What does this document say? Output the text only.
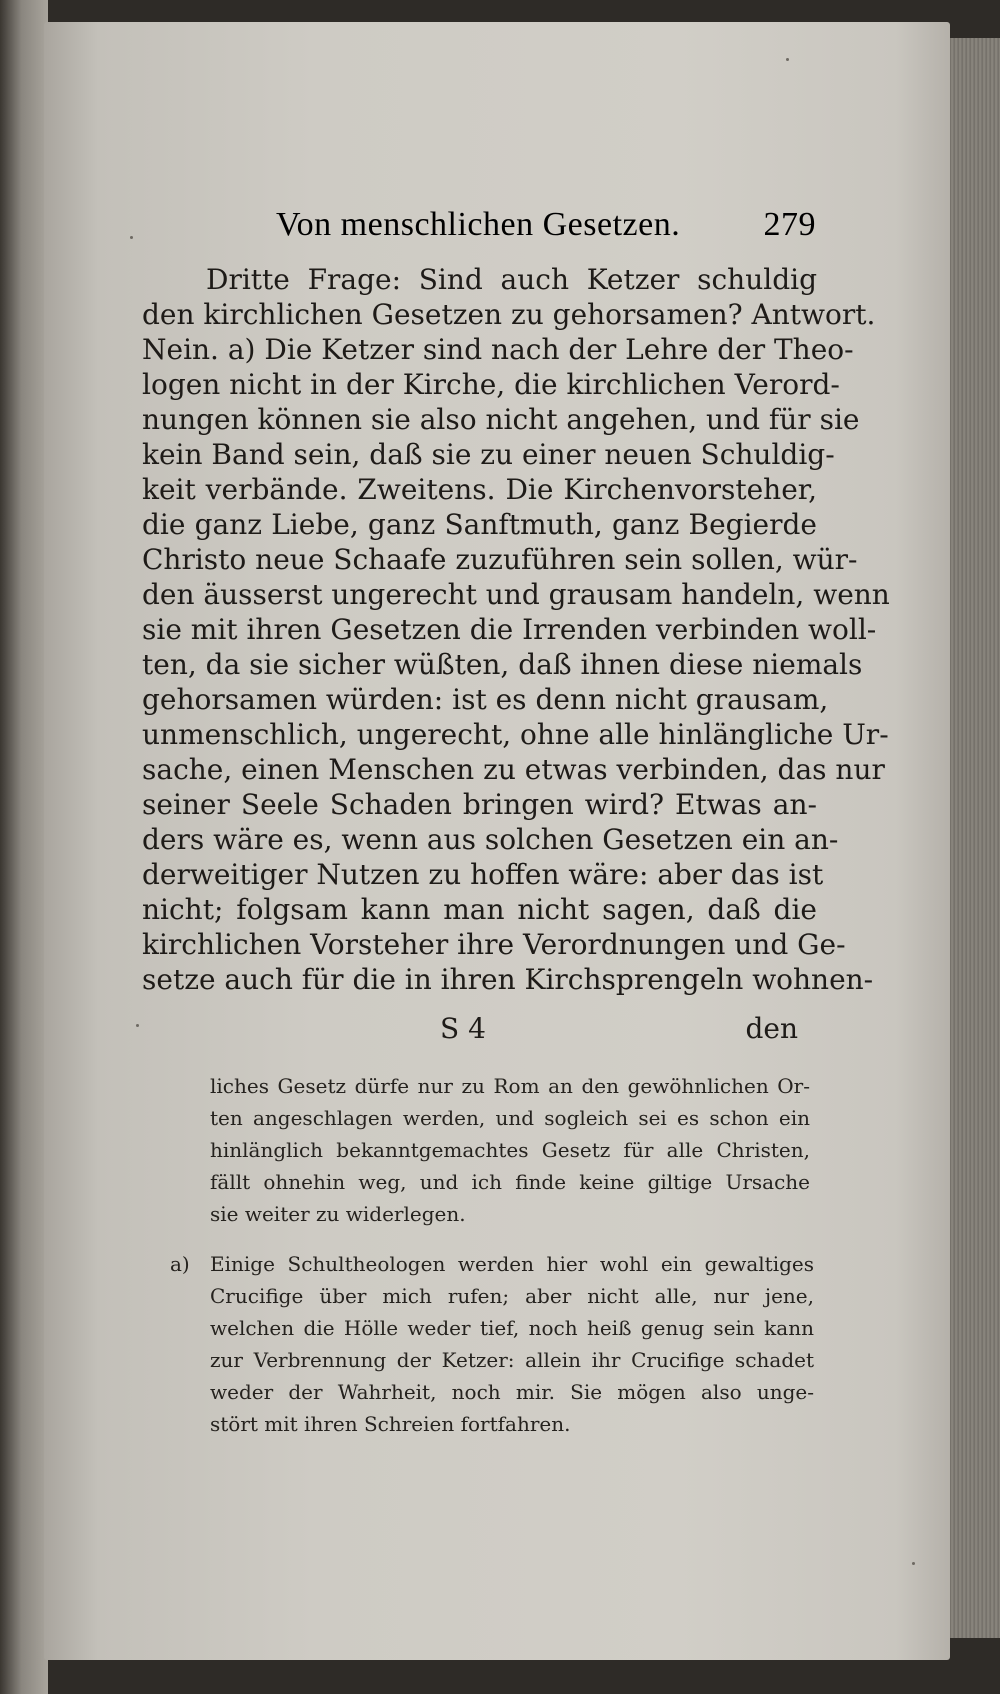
Von menschlichen Gesetzen. 279
Dritte Frage: Sind auch Ketzer schuldig
den kirchlichen Gesetzen zu gehorsamen? Antwort.
Nein. a) Die Ketzer sind nach der Lehre der Theo-
logen nicht in der Kirche, die kirchlichen Verord-
nungen können sie also nicht angehen, und für sie
kein Band sein, daß sie zu einer neuen Schuldig-
keit verbände. Zweitens. Die Kirchenvorsteher,
die ganz Liebe, ganz Sanftmuth, ganz Begierde
Christo neue Schaafe zuzuführen sein sollen, wür-
den äusserst ungerecht und grausam handeln, wenn
sie mit ihren Gesetzen die Irrenden verbinden woll-
ten, da sie sicher wüßten, daß ihnen diese niemals
gehorsamen würden: ist es denn nicht grausam,
unmenschlich, ungerecht, ohne alle hinlängliche Ur-
sache, einen Menschen zu etwas verbinden, das nur
seiner Seele Schaden bringen wird? Etwas an-
ders wäre es, wenn aus solchen Gesetzen ein an-
derweitiger Nutzen zu hoffen wäre: aber das ist
nicht; folgsam kann man nicht sagen, daß die
kirchlichen Vorsteher ihre Verordnungen und Ge-
setze auch für die in ihren Kirchsprengeln wohnen-
S 4	den
liches Gesetz dürfe nur zu Rom an den gewöhnlichen Or-
ten angeschlagen werden, und sogleich sei es schon ein
hinlänglich bekanntgemachtes Gesetz für alle Christen,
fällt ohnehin weg, und ich finde keine giltige Ursache
sie weiter zu widerlegen.
a) Einige Schultheologen werden hier wohl ein gewaltiges
Crucifige über mich rufen; aber nicht alle, nur jene,
welchen die Hölle weder tief, noch heiß genug sein kann
zur Verbrennung der Ketzer: allein ihr Crucifige schadet
weder der Wahrheit, noch mir. Sie mögen also unge-
stört mit ihren Schreien fortfahren.
